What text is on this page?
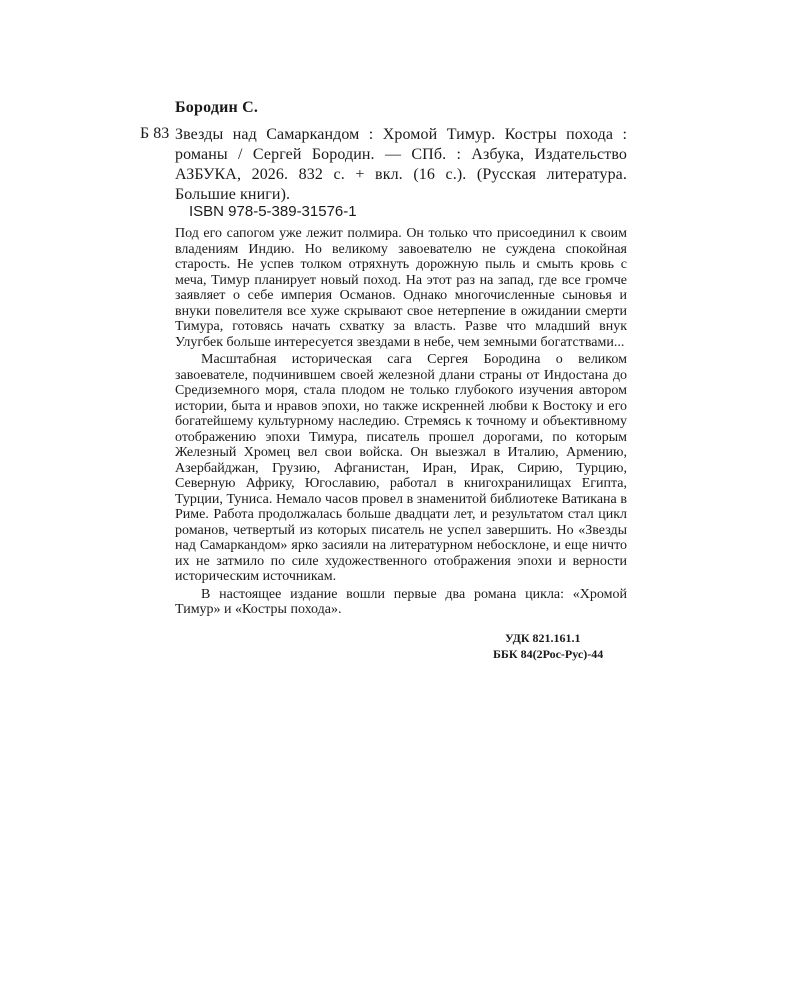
Бородин С.
Б 83 Звезды над Самаркандом : Хромой Тимур. Костры похода : романы / Сергей Бородин. — СПб. : Азбука, Издательство АЗБУКА, 2026. 832 с. + вкл. (16 с.). (Русская литература. Большие книги).
ISBN 978-5-389-31576-1

Под его сапогом уже лежит полмира. Он только что присоединил к своим владениям Индию. Но великому завоевателю не суждена спокойная старость. Не успев толком отряхнуть дорожную пыль и смыть кровь с меча, Тимур планирует новый поход. На этот раз на запад, где все громче заявляет о себе империя Османов. Однако многочисленные сыновья и внуки повелителя все хуже скрывают свое нетерпение в ожидании смерти Тимура, готовясь начать схватку за власть. Разве что младший внук Улугбек больше интересуется звездами в небе, чем земными богатствами...

Масштабная историческая сага Сергея Бородина о великом завоевателе, подчинившем своей железной длани страны от Индостана до Средиземного моря, стала плодом не только глубокого изучения автором истории, быта и нравов эпохи, но также искренней любви к Востоку и его богатейшему культурному наследию. Стремясь к точному и объективному отображению эпохи Тимура, писатель прошел дорогами, по которым Железный Хромец вел свои войска. Он выезжал в Италию, Армению, Азербайджан, Грузию, Афганистан, Иран, Ирак, Сирию, Турцию, Северную Африку, Югославию, работал в книгохранилищах Египта, Турции, Туниса. Немало часов провел в знаменитой библиотеке Ватикана в Риме. Работа продолжалась больше двадцати лет, и результатом стал цикл романов, четвертый из которых писатель не успел завершить. Но «Звезды над Самаркандом» ярко засияли на литературном небосклоне, и еще ничто их не затмило по силе художественного отображения эпохи и верности историческим источникам.

В настоящее издание вошли первые два романа цикла: «Хромой Тимур» и «Костры похода».

УДК 821.161.1
ББК 84(2Рос-Рус)-44
